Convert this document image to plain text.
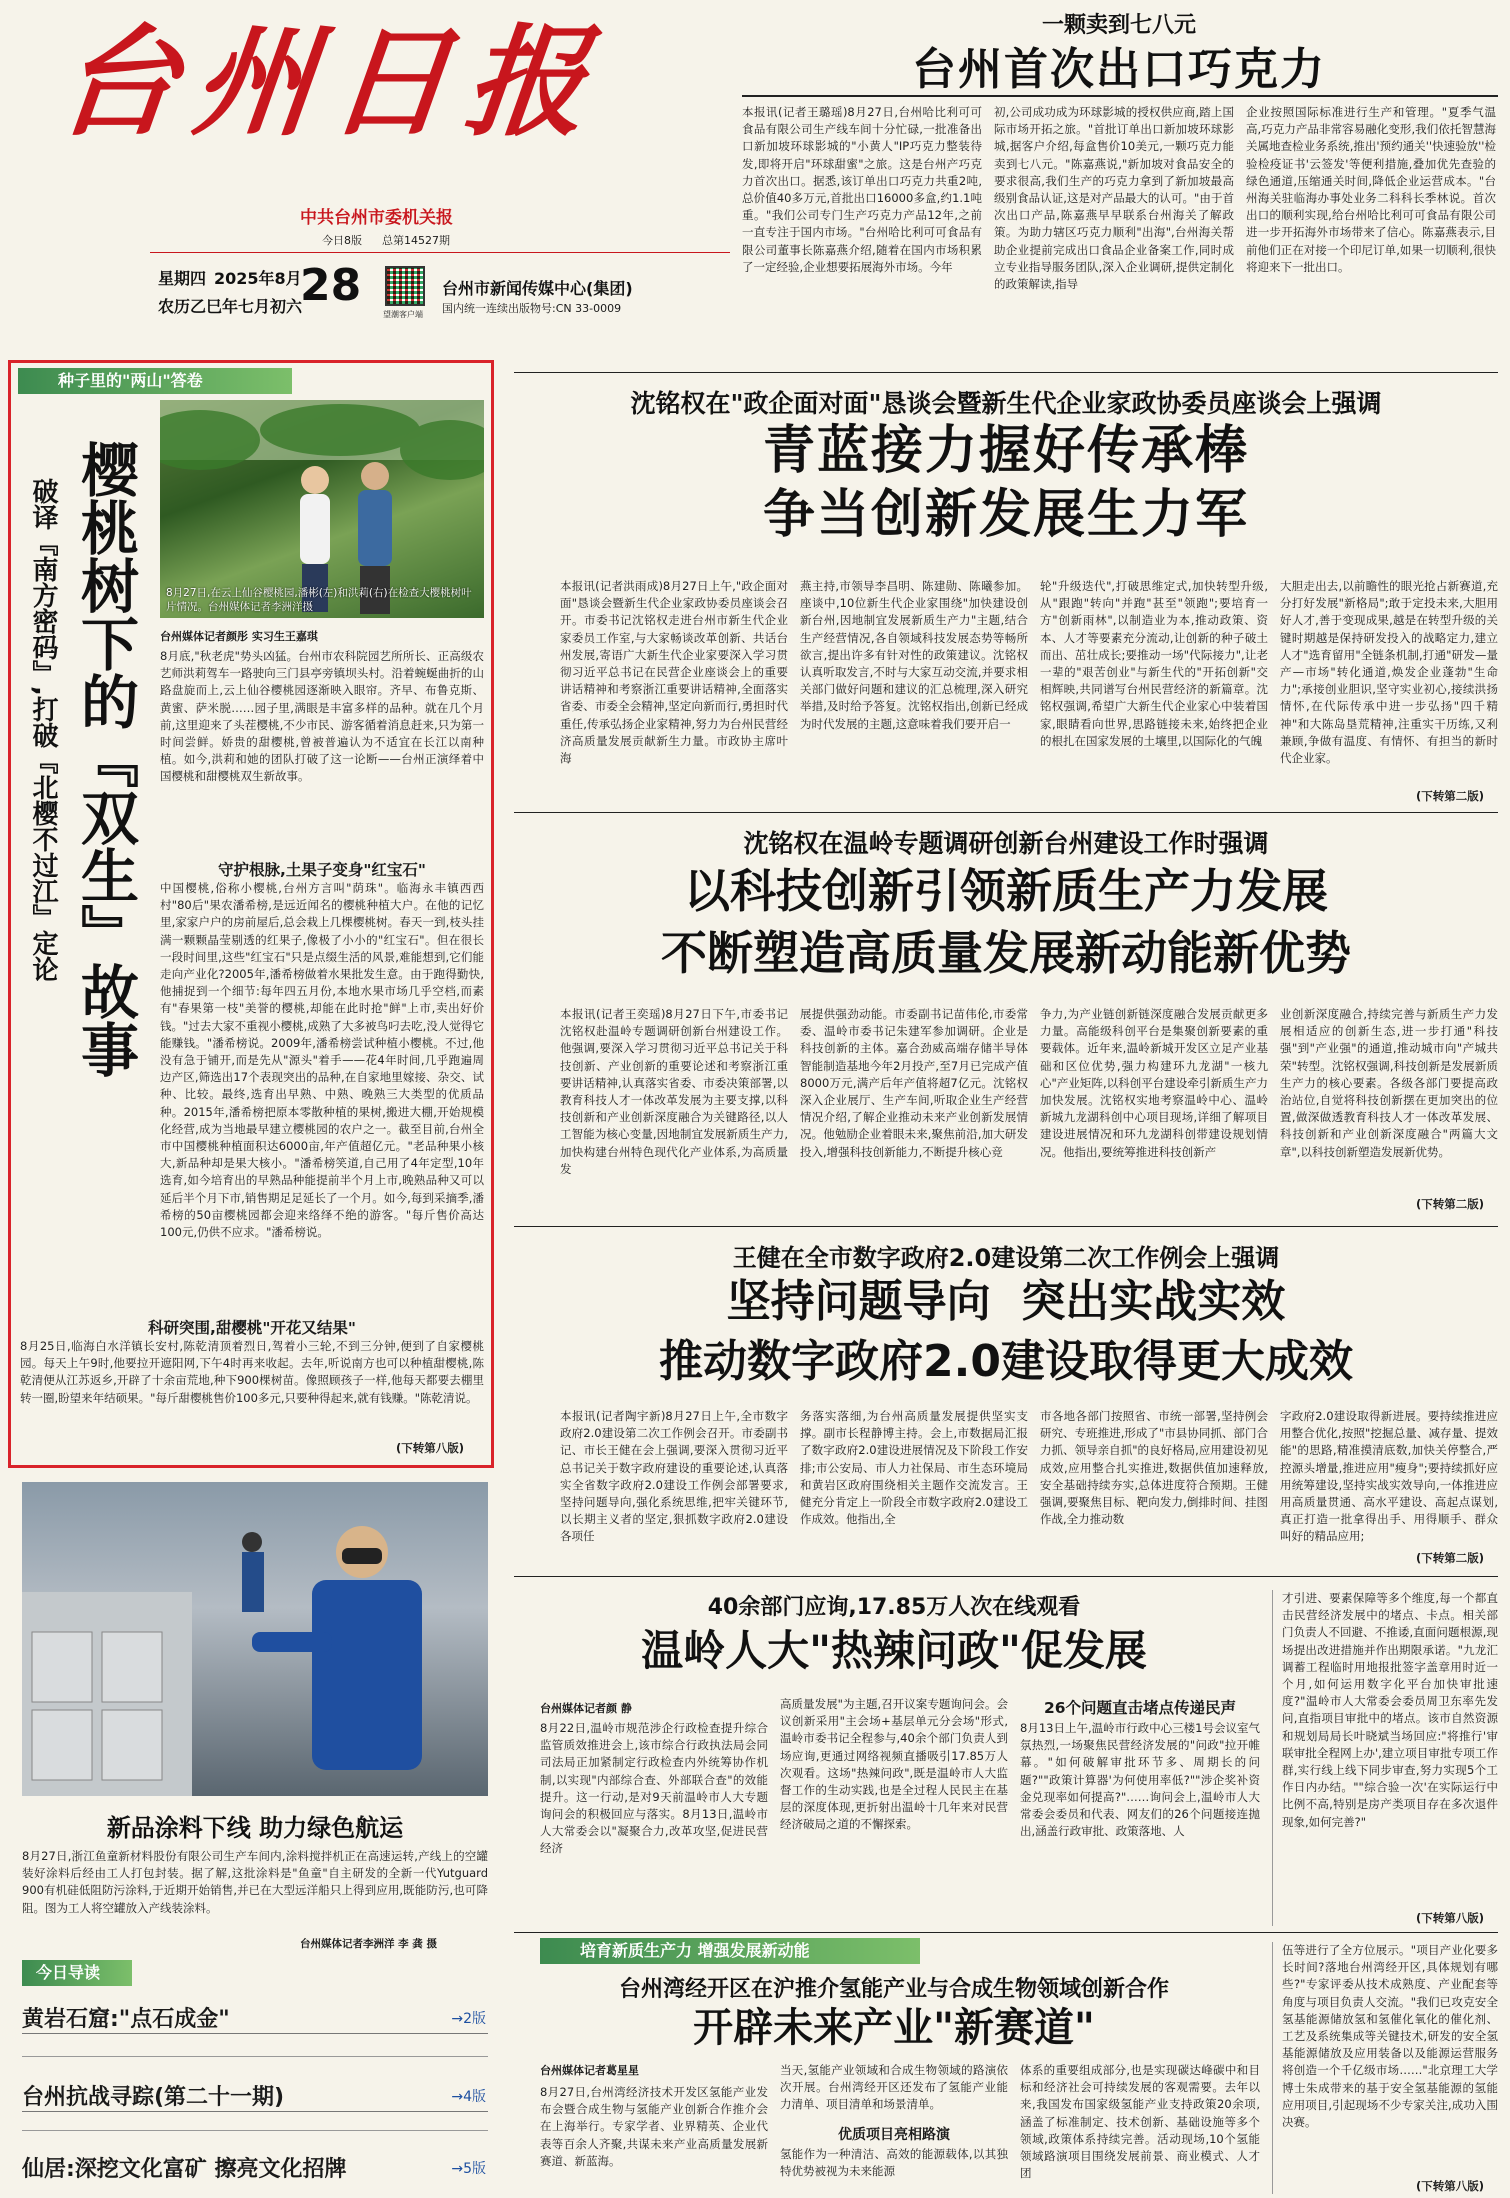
台州日报
中共台州市委机关报
今日8版 总第14527期
星期四 2025年8月
农历乙巳年七月初六
28
望潮客户端
台州市新闻传媒中心(集团)
国内统一连续出版物号:CN 33-0009
一颗卖到七八元
台州首次出口巧克力
本报讯(记者王璐瑶)8月27日,台州哈比利可可食品有限公司生产线车间十分忙碌,一批准备出口新加坡环球影城的"小黄人"IP巧克力整装待发,即将开启"环球甜蜜"之旅。这是台州产巧克力首次出口。据悉,该订单出口巧克力共重2吨,总价值40多万元,首批出口16000多盒,约1.1吨重。"我们公司专门生产巧克力产品12年,之前一直专注于国内市场。"台州哈比利可可食品有限公司董事长陈嘉燕介绍,随着在国内市场积累了一定经验,企业想要拓展海外市场。今年
初,公司成功成为环球影城的授权供应商,踏上国际市场开拓之旅。"首批订单出口新加坡环球影城,据客户介绍,每盒售价10美元,一颗巧克力能卖到七八元。"陈嘉燕说,"新加坡对食品安全的要求很高,我们生产的巧克力拿到了新加坡最高级别食品认证,这是对产品最大的认可。"由于首次出口产品,陈嘉燕早早联系台州海关了解政策。为助力辖区巧克力顺利"出海",台州海关帮助企业提前完成出口食品企业备案工作,同时成立专业指导服务团队,深入企业调研,提供定制化的政策解读,指导
企业按照国际标准进行生产和管理。"夏季气温高,巧克力产品非常容易融化变形,我们依托智慧海关属地查检业务系统,推出'预约通关''快速验放''检验检疫证书'云签发'等便利措施,叠加优先查验的绿色通道,压缩通关时间,降低企业运营成本。"台州海关驻临海办事处业务二科科长季林说。首次出口的顺利实现,给台州哈比利可可食品有限公司进一步开拓海外市场带来了信心。陈嘉燕表示,目前他们正在对接一个印尼订单,如果一切顺利,很快将迎来下一批出口。
种子里的"两山"答卷
8月27日,在云上仙谷樱桃园,潘彬(左)和洪莉(右)在检查大樱桃树叶片情况。台州媒体记者李洲洋摄
樱桃树下的『双生』故事
破译『南方密码』,打破『北樱不过江』定论	台州媒体记者颜彤 实习生王嘉琪
8月底,"秋老虎"势头凶猛。台州市农科院园艺所所长、正高级农艺师洪莉驾车一路驶向三门县亭旁镇坝头村。沿着蜿蜒曲折的山路盘旋而上,云上仙谷樱桃园逐渐映入眼帘。齐早、布鲁克斯、黄蜜、萨米脱……园子里,满眼是丰富多样的品种。就在几个月前,这里迎来了头茬樱桃,不少市民、游客循着消息赶来,只为第一时间尝鲜。娇贵的甜樱桃,曾被普遍认为不适宜在长江以南种植。如今,洪莉和她的团队打破了这一论断——台州正演绎着中国樱桃和甜樱桃双生新故事。
守护根脉,土果子变身"红宝石"
中国樱桃,俗称小樱桃,台州方言叫"荫珠"。临海永丰镇西西村"80后"果农潘希榜,是远近闻名的樱桃种植大户。在他的记忆里,家家户户的房前屋后,总会栽上几棵樱桃树。春天一到,枝头挂满一颗颗晶莹剔透的红果子,像极了小小的"红宝石"。但在很长一段时间里,这些"红宝石"只是点缀生活的风景,难能想到,它们能走向产业化?2005年,潘希榜做着水果批发生意。由于跑得勤快,他捕捉到一个细节:每年四五月份,本地水果市场几乎空档,而素有"春果第一枝"美誉的樱桃,却能在此时抢"鲜"上市,卖出好价钱。"过去大家不重视小樱桃,成熟了大多被鸟叼去吃,没人觉得它能赚钱。"潘希榜说。2009年,潘希榜尝试种植小樱桃。不过,他没有急于铺开,而是先从"源头"着手——花4年时间,几乎跑遍周边产区,筛选出17个表现突出的品种,在自家地里嫁接、杂交、试种、比较。最终,选育出早熟、中熟、晚熟三大类型的优质品种。2015年,潘希榜把原本零散种植的果树,搬进大棚,开始规模化经营,成为当地最早建立樱桃园的农户之一。截至目前,台州全市中国樱桃种植面积达6000亩,年产值超亿元。"老品种果小核大,新品种却是果大核小。"潘希榜笑道,自己用了4年定型,10年选育,如今培育出的早熟品种能提前半个月上市,晚熟品种又可以延后半个月下市,销售期足足延长了一个月。如今,每到采摘季,潘希榜的50亩樱桃园都会迎来络绎不绝的游客。"每斤售价高达100元,仍供不应求。"潘希榜说。
科研突围,甜樱桃"开花又结果"
8月25日,临海白水洋镇长安村,陈乾清顶着烈日,驾着小三轮,不到三分钟,便到了自家樱桃园。每天上午9时,他要拉开遮阳网,下午4时再来收起。去年,听说南方也可以种植甜樱桃,陈乾清便从江苏返乡,开辟了十余亩荒地,种下900棵树苗。像照顾孩子一样,他每天都要去棚里转一圈,盼望来年结硕果。"每斤甜樱桃售价100多元,只要种得起来,就有钱赚。"陈乾清说。
(下转第八版)
新品涂料下线 助力绿色航运
8月27日,浙江鱼童新材料股份有限公司生产车间内,涂料搅拌机正在高速运转,产线上的空罐装好涂料后经由工人打包封装。据了解,这批涂料是"鱼童"自主研发的全新一代Yutguard 900有机硅低阻防污涂料,于近期开始销售,并已在大型远洋船只上得到应用,既能防污,也可降阻。图为工人将空罐放入产线装涂料。
台州媒体记者李洲洋 李 龚 摄
今日导读
黄岩石窟:"点石成金"	→2版
台州抗战寻踪(第二十一期)	→4版
仙居:深挖文化富矿 擦亮文化招牌	→5版
沈铭权在"政企面对面"恳谈会暨新生代企业家政协委员座谈会上强调
青蓝接力握好传承棒
争当创新发展生力军
本报讯(记者洪雨成)8月27日上午,"政企面对面"恳谈会暨新生代企业家政协委员座谈会召开。市委书记沈铭权走进台州市新生代企业家委员工作室,与大家畅谈改革创新、共话台州发展,寄语广大新生代企业家要深入学习贯彻习近平总书记在民营企业座谈会上的重要讲话精神和考察浙江重要讲话精神,全面落实省委、市委全会精神,坚定向新而行,勇担时代重任,传承弘扬企业家精神,努力为台州民营经济高质量发展贡献新生力量。市政协主席叶海
燕主持,市领导李昌明、陈建勋、陈曦参加。座谈中,10位新生代企业家围绕"加快建设创新台州,因地制宜发展新质生产力"主题,结合生产经营情况,各自领域科技发展态势等畅所欲言,提出许多有针对性的政策建议。沈铭权认真听取发言,不时与大家互动交流,并要求相关部门做好问题和建议的汇总梳理,深入研究举措,及时给予答复。沈铭权指出,创新已经成为时代发展的主题,这意味着我们要开启一
轮"升级迭代",打破思维定式,加快转型升级,从"跟跑"转向"并跑"甚至"领跑";要培育一方"创新雨林",以制造业为本,推动政策、资本、人才等要素充分流动,让创新的种子破土而出、茁壮成长;要推动一场"代际接力",让老一辈的"艰苦创业"与新生代的"开拓创新"交相辉映,共同谱写台州民营经济的新篇章。沈铭权强调,希望广大新生代企业家心中装着国家,眼睛看向世界,思路链接未来,始终把企业的根扎在国家发展的土壤里,以国际化的气魄
大胆走出去,以前瞻性的眼光抢占新赛道,充分打好发展"新格局";敢于定投未来,大胆用好人才,善于变现成果,越是在转型升级的关键时期越是保持研发投入的战略定力,建立人才"选育留用"全链条机制,打通"研发—量产—市场"转化通道,焕发企业蓬勃"生命力";承接创业胆识,坚守实业初心,接续洪扬情怀,在代际传承中进一步弘扬"四千精神"和大陈岛垦荒精神,注重实干历练,又利兼顾,争做有温度、有情怀、有担当的新时代企业家。
(下转第二版)
沈铭权在温岭专题调研创新台州建设工作时强调
以科技创新引领新质生产力发展
不断塑造高质量发展新动能新优势
本报讯(记者王奕瑶)8月27日下午,市委书记沈铭权赴温岭专题调研创新台州建设工作。他强调,要深入学习贯彻习近平总书记关于科技创新、产业创新的重要论述和考察浙江重要讲话精神,认真落实省委、市委决策部署,以教育科技人才一体改革发展为主要支撑,以科技创新和产业创新深度融合为关键路径,以人工智能为核心变量,因地制宜发展新质生产力,加快构建台州特色现代化产业体系,为高质量发
展提供强劲动能。市委副书记苗伟伦,市委常委、温岭市委书记朱建军参加调研。企业是科技创新的主体。嘉合劲威高端存储半导体智能制造基地今年2月投产,至7月已完成产值8000万元,满产后年产值将超7亿元。沈铭权深入企业展厅、生产车间,听取企业生产经营情况介绍,了解企业推动未来产业创新发展情况。他勉励企业着眼未来,聚焦前沿,加大研发投入,增强科技创新能力,不断提升核心竞
争力,为产业链创新链深度融合发展贡献更多力量。高能级科创平台是集聚创新要素的重要载体。近年来,温岭新城开发区立足产业基础和区位优势,强力构建环九龙湖"一核九心"产业矩阵,以科创平台建设牵引新质生产力加快发展。沈铭权实地考察温岭中心、温岭新城九龙湖科创中心项目现场,详细了解项目建设进展情况和环九龙湖科创带建设规划情况。他指出,要统筹推进科技创新产
业创新深度融合,持续完善与新质生产力发展相适应的创新生态,进一步打通"科技强"到"产业强"的通道,推动城市向"产城共荣"转型。沈铭权强调,科技创新是发展新质生产力的核心要素。各级各部门要提高政治站位,自觉将科技创新摆在更加突出的位置,做深做透教育科技人才一体改革发展、科技创新和产业创新深度融合"两篇大文章",以科技创新塑造发展新优势。
(下转第二版)
王健在全市数字政府2.0建设第二次工作例会上强调
坚持问题导向  突出实战实效
推动数字政府2.0建设取得更大成效
本报讯(记者陶宇新)8月27日上午,全市数字政府2.0建设第二次工作例会召开。市委副书记、市长王健在会上强调,要深入贯彻习近平总书记关于数字政府建设的重要论述,认真落实全省数字政府2.0建设工作例会部署要求,坚持问题导向,强化系统思维,把牢关键环节,以长期主义者的坚定,狠抓数字政府2.0建设各项任
务落实落细,为台州高质量发展提供坚实支撑。副市长程静博主持。会上,市数据局汇报了数字政府2.0建设进展情况及下阶段工作安排;市公安局、市人力社保局、市生态环境局和黄岩区政府围绕相关主题作交流发言。王健充分肯定上一阶段全市数字政府2.0建设工作成效。他指出,全
市各地各部门按照省、市统一部署,坚持例会研究、专班推进,形成了"市县协同抓、部门合力抓、领导亲自抓"的良好格局,应用建设初见成效,应用整合扎实推进,数据供值加速释放,安全基础持续夯实,总体进度符合预期。王健强调,要聚焦目标、靶向发力,倒排时间、挂图作战,全力推动数
字政府2.0建设取得新进展。要持续推进应用整合优化,按照"挖掘总量、减存量、提效能"的思路,精准摸清底数,加快关停整合,严控源头增量,推进应用"瘦身";要持续抓好应用统筹建设,坚持实战实效导向,一体推进应用高质量贯通、高水平建设、高起点谋划,真正打造一批拿得出手、用得顺手、群众叫好的精品应用;
(下转第二版)
40余部门应询,17.85万人次在线观看
温岭人大"热辣问政"促发展
台州媒体记者颜 静
8月22日,温岭市规范涉企行政检查提升综合监管质效推进会上,该市综合行政执法局会同司法局正加紧制定行政检查内外统筹协作机制,以实现"内部综合查、外部联合查"的效能提升。这一行动,是对9天前温岭市人大专题询问会的积极回应与落实。8月13日,温岭市人大常委会以"凝聚合力,改革攻坚,促进民营经济
高质量发展"为主题,召开议案专题询问会。会议创新采用"主会场+基层单元分会场"形式,温岭市委书记全程参与,40余个部门负责人到场应询,更通过网络视频直播吸引17.85万人次观看。这场"热辣问政",既是温岭市人大监督工作的生动实践,也是全过程人民民主在基层的深度体现,更折射出温岭十几年来对民营经济破局之道的不懈探索。
26个问题直击堵点传递民声
8月13日上午,温岭市行政中心三楼1号会议室气氛热烈,一场聚焦民营经济发展的"问政"拉开帷幕。"如何破解审批环节多、周期长的问题?""政策计算器'为何使用率低?""涉企奖补资金兑现率如何提高?"……询问会上,温岭市人大常委会委员和代表、网友们的26个问题接连抛出,涵盖行政审批、政策落地、人
才引进、要素保障等多个维度,每一个都直击民营经济发展中的堵点、卡点。相关部门负责人不回避、不推诿,直面问题根源,现场提出改进措施并作出期限承诺。"九龙汇调蓄工程临时用地报批签字盖章用时近一个月,如何运用数字化平台加快审批速度?"温岭市人大常委会委员周卫东率先发问,直指项目审批中的堵点。该市自然资源和规划局局长叶晓斌当场回应:"将推行'审联审批全程网上办',建立项目审批专项工作群,实行线上线下同步审查,努力实现5个工作日内办结。""综合验一次'在实际运行中比例不高,特别是房产类项目存在多次退件现象,如何完善?"
(下转第八版)
培育新质生产力 增强发展新动能
台州湾经开区在沪推介氢能产业与合成生物领域创新合作
开辟未来产业"新赛道"
台州媒体记者葛星星
8月27日,台州湾经济技术开发区氢能产业发布会暨合成生物与氢能产业创新合作推介会在上海举行。专家学者、业界精英、企业代表等百余人齐聚,共谋未来产业高质量发展新赛道、新蓝海。
当天,氢能产业领域和合成生物领域的路演依次开展。台州湾经开区还发布了氢能产业能力清单、项目清单和场景清单。
优质项目亮相路演
氢能作为一种清洁、高效的能源载体,以其独特优势被视为未来能源
体系的重要组成部分,也是实现碳达峰碳中和目标和经济社会可持续发展的客观需要。去年以来,我国发布国家级氢能产业支持政策20余项,涵盖了标准制定、技术创新、基础设施等多个领域,政策体系持续完善。活动现场,10个氢能领域路演项目围绕发展前景、商业模式、人才团
伍等进行了全方位展示。"项目产业化要多长时间?落地台州湾经开区,具体规划有哪些?"专家评委从技术成熟度、产业配套等角度与项目负责人交流。"我们已攻克安全氢基能源储放氢和氢催化氧化的催化剂、工艺及系统集成等关键技术,研发的安全氢基能源储放及应用装备以及能源运营服务将创造一个千亿级市场……"北京理工大学博士朱成带来的基于安全氢基能源的氢能应用项目,引起现场不少专家关注,成功入围决赛。
(下转第八版)
